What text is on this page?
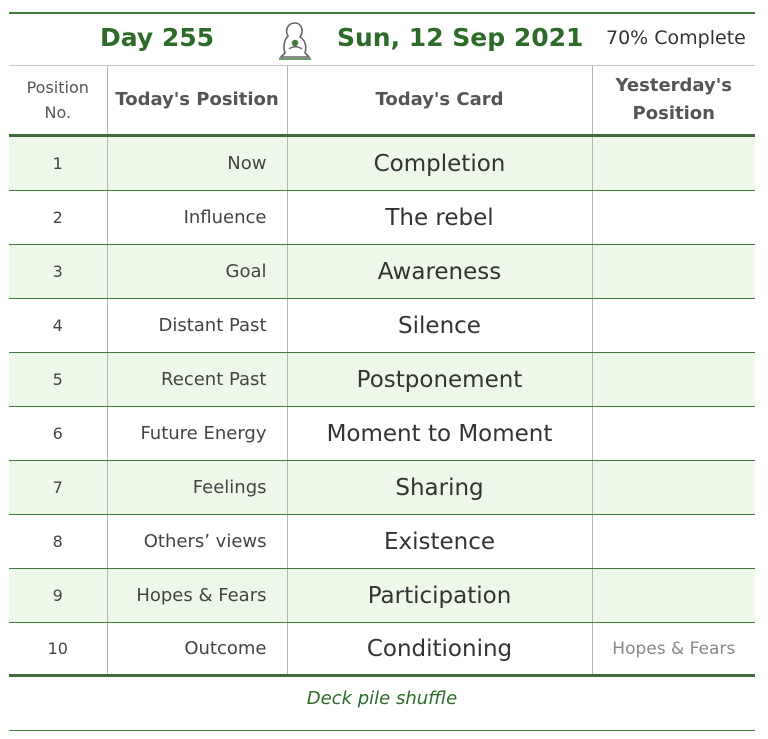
Day 255	Sun, 12 Sep 2021 70% Complete
Position No.	Today's Position	Today's Card	Yesterday's Position
1	Now	Completion	
2	Influence	The rebel	
3	Goal	Awareness	
4	Distant Past	Silence	
5	Recent Past	Postponement	
6	Future Energy	Moment to Moment	
7	Feelings	Sharing	
8	Others’ views	Existence	
9	Hopes & Fears	Participation	
10	Outcome	Conditioning	Hopes & Fears
Deck pile shuffle
